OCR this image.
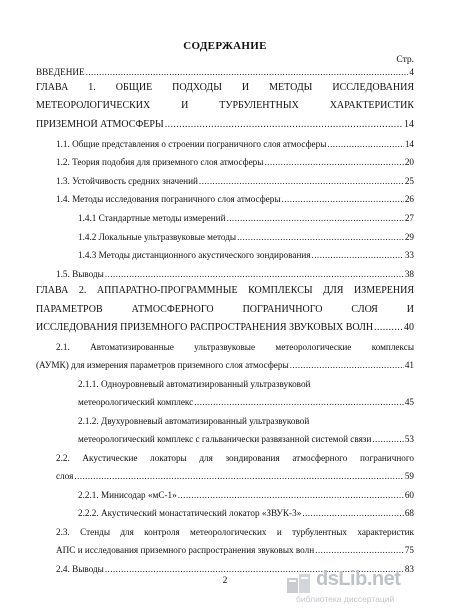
СОДЕРЖАНИЕ
Стр.
ВВЕДЕНИЕ .....	4
ГЛАВА 1. ОБЩИЕ ПОДХОДЫ И МЕТОДЫ ИССЛЕДОВАНИЯ
МЕТЕОРОЛОГИЧЕСКИХ И ТУРБУЛЕНТНЫХ ХАРАКТЕРИСТИК
ПРИЗЕМНОЙ АТМОСФЕРЫ .....	14
1.1. Общие представления о строении пограничного слоя атмосферы .....	14
1.2. Теория подобия для приземного слоя атмосферы .....	20
1.3. Устойчивость средних значений .....	25
1.4. Методы исследования пограничного слоя атмосферы .....	26
1.4.1 Стандартные методы измерений .....	27
1.4.2 Локальные ультразвуковые методы .....	29
1.4.3 Методы дистанционного акустического зондирования .....	33
1.5. Выводы .....	38
ГЛАВА 2. АППАРАТНО-ПРОГРАММНЫЕ КОМПЛЕКСЫ ДЛЯ ИЗМЕРЕНИЯ
ПАРАМЕТРОВ АТМОСФЕРНОГО ПОГРАНИЧНОГО СЛОЯ И
ИССЛЕДОВАНИЯ ПРИЗЕМНОГО РАСПРОСТРАНЕНИЯ ЗВУКОВЫХ ВОЛН .....	40
2.1. Автоматизированные ультразвуковые метеорологические комплексы
(АУМК) для измерения параметров приземного слоя атмосферы .....	41
2.1.1. Одноуровневый автоматизированный ультразвуковой
метеорологический комплекс .....	45
2.1.2. Двухуровневый автоматизированный ультразвуковой
метеорологический комплекс с гальванически развязанной системой связи .....	53
2.2. Акустические локаторы для зондирования атмосферного пограничного
слоя .....	59
2.2.1. Минисодар «мС-1» .....	60
2.2.2. Акустический монастатический локатор «ЗВУК-3» .....	68
2.3. Стенды для контроля метеорологических и турбулентных характеристик
АПС и исследования приземного распространения звуковых волн .....	75
2.4. Выводы .....	83
2	dsLib.net
библиотека диссертаций
